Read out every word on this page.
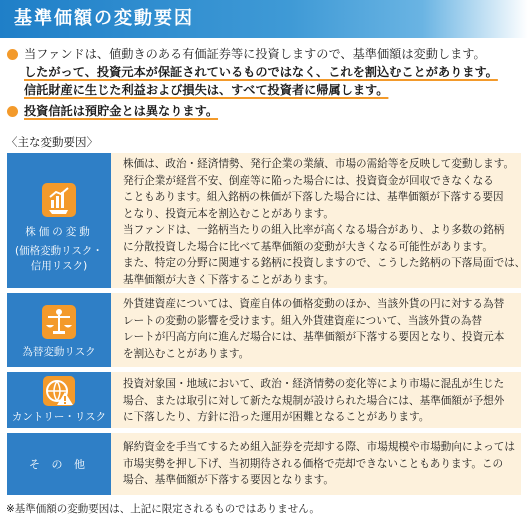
基準価額の変動要因

当ファンドは、値動きのある有価証券等に投資しますので、基準価額は変動します。

したがって、投資元本が保証されているものではなく、これを割込むことがあります。

信託財産に生じた利益および損失は、すべて投資者に帰属します。

投資信託は預貯金とは異なります。

〈主な変動要因〉
株価の変動
(価格変動リスク・
信用リスク)
株価は、政治・経済情勢、発行企業の業績、市場の需給等を反映して変動します。
発行企業が経営不安、倒産等に陥った場合には、投資資金が回収できなくなる
こともあります。組入銘柄の株価が下落した場合には、基準価額が下落する要因
となり、投資元本を割込むことがあります。
当ファンドは、一銘柄当たりの組入比率が高くなる場合があり、より多数の銘柄
に分散投資した場合に比べて基準価額の変動が大きくなる可能性があります。
また、特定の分野に関連する銘柄に投資しますので、こうした銘柄の下落局面では、
基準価額が大きく下落することがあります。
為替変動リスク
外貨建資産については、資産自体の価格変動のほか、当該外貨の円に対する為替
レートの変動の影響を受けます。組入外貨建資産について、当該外貨の為替
レートが円高方向に進んだ場合には、基準価額が下落する要因となり、投資元本
を割込むことがあります。
カントリー・リスク
投資対象国・地域において、政治・経済情勢の変化等により市場に混乱が生じた
場合、または取引に対して新たな規制が設けられた場合には、基準価額が予想外
に下落したり、方針に沿った運用が困難となることがあります。
そ の 他
解約資金を手当てするため組入証券を売却する際、市場規模や市場動向によっては
市場実勢を押し下げ、当初期待される価格で売却できないこともあります。この
場合、基準価額が下落する要因となります。
※基準価額の変動要因は、上記に限定されるものではありません。
